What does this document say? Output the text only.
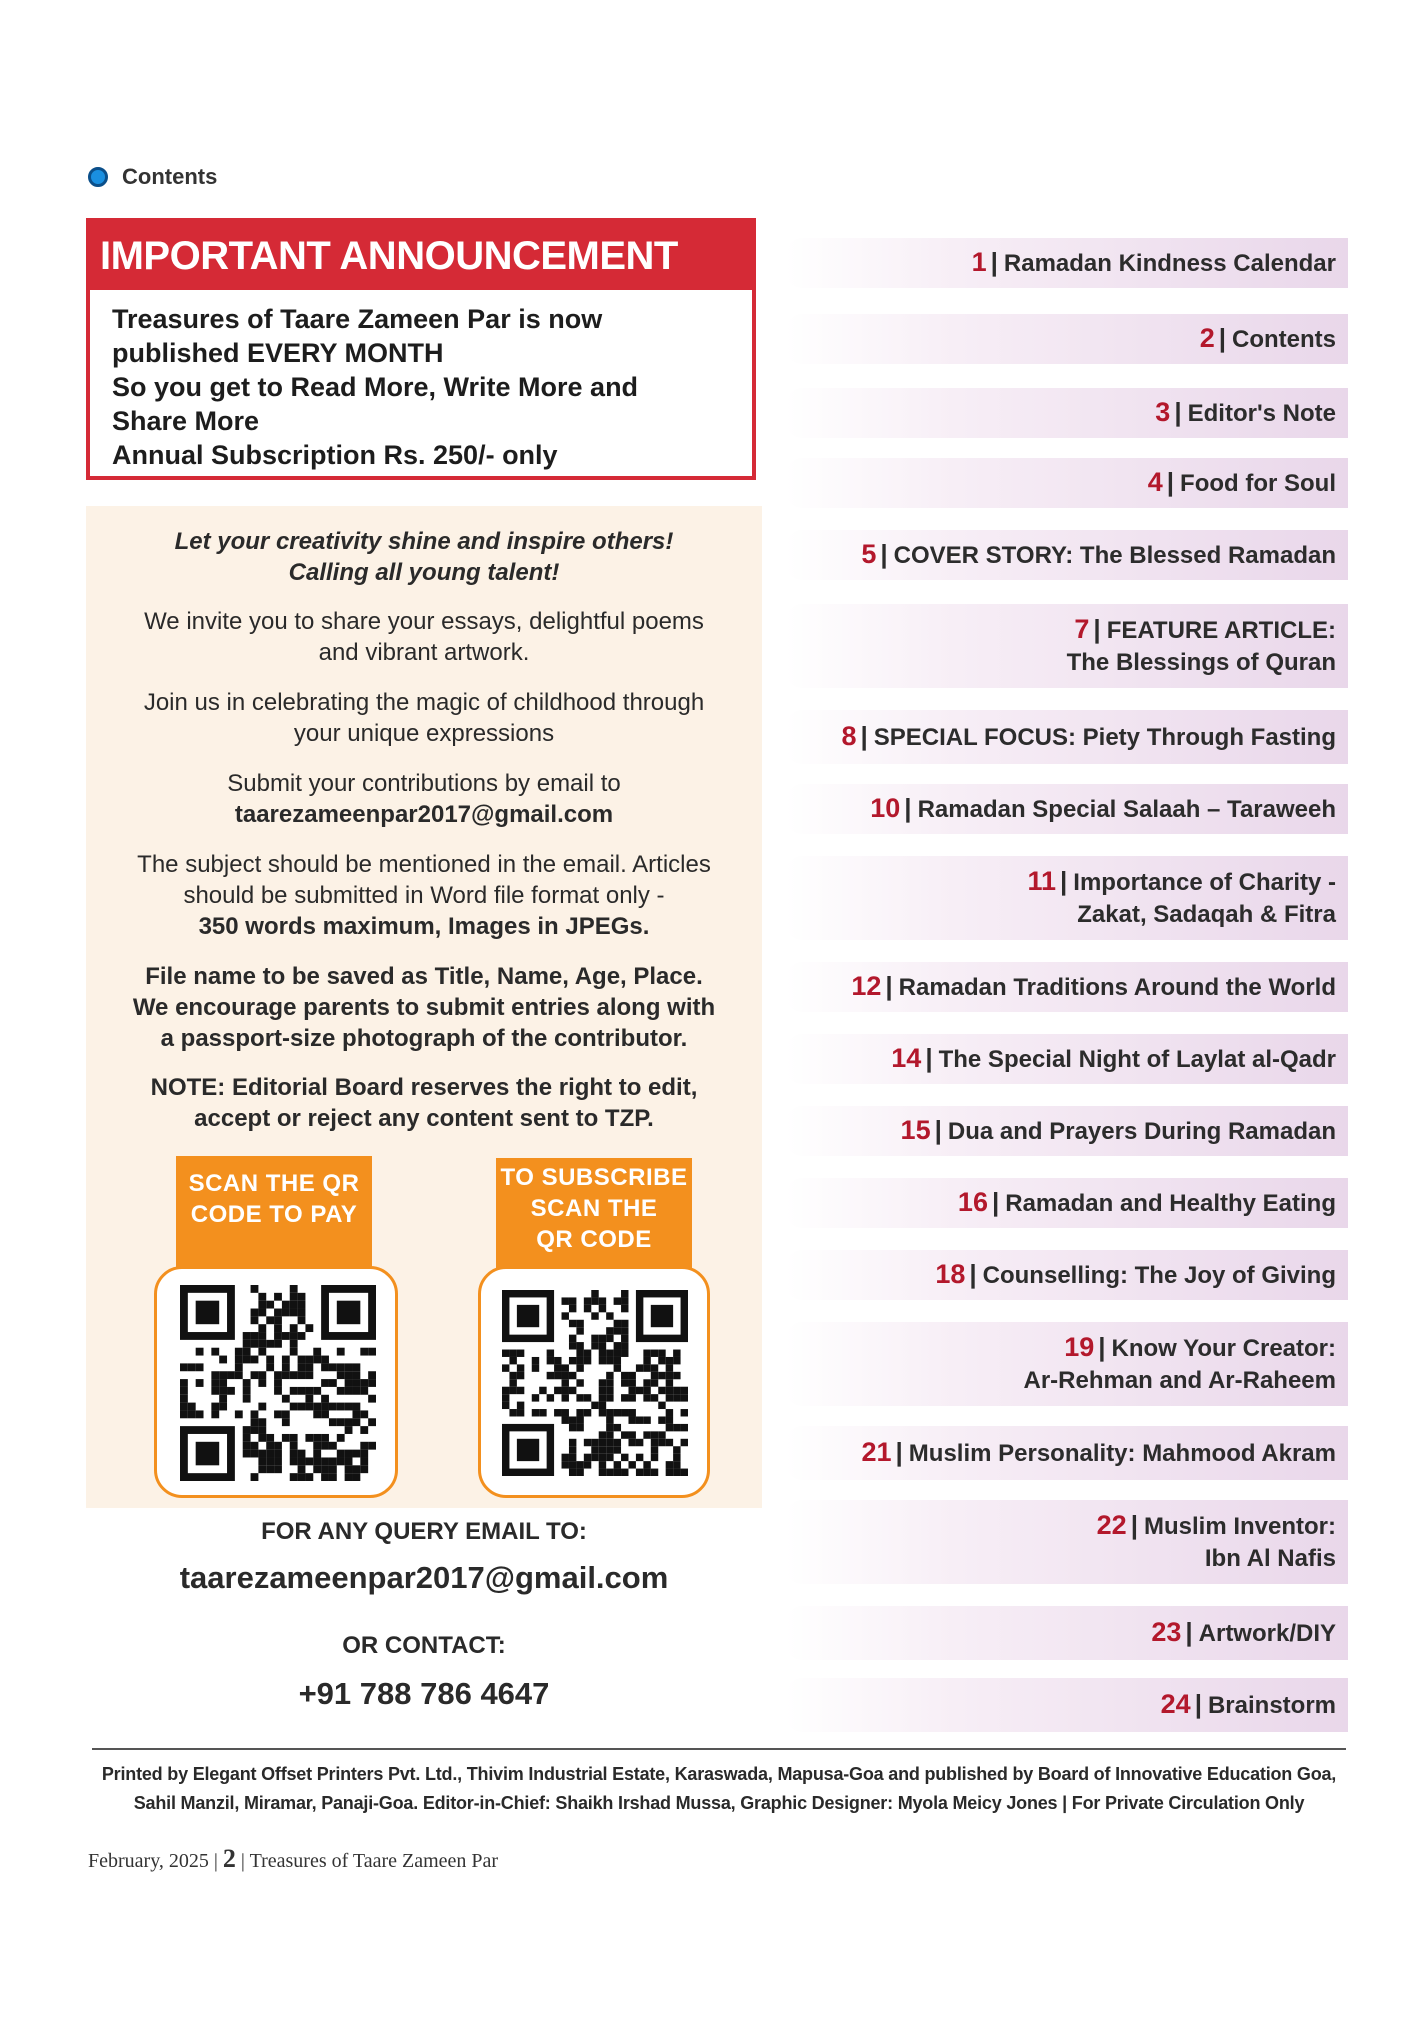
Contents
IMPORTANT ANNOUNCEMENT
Treasures of Taare Zameen Par is now
published EVERY MONTH
So you get to Read More, Write More and
Share More
Annual Subscription Rs. 250/- only

Let your creativity shine and inspire others!
Calling all young talent!

We invite you to share your essays, delightful poems
and vibrant artwork.

Join us in celebrating the magic of childhood through
your unique expressions

Submit your contributions by email to
taarezameenpar2017@gmail.com

The subject should be mentioned in the email. Articles
should be submitted in Word file format only -
350 words maximum, Images in JPEGs.

File name to be saved as Title, Name, Age, Place.
We encourage parents to submit entries along with
a passport-size photograph of the contributor.

NOTE: Editorial Board reserves the right to edit,
accept or reject any content sent to TZP.

SCAN THE QR
CODE TO PAY
TO SUBSCRIBE
SCAN THE
QR CODE
FOR ANY QUERY EMAIL TO:
taarezameenpar2017@gmail.com
OR CONTACT:
+91 788 786 4647
1 | Ramadan Kindness Calendar
2 | Contents
3 | Editor's Note
4 | Food for Soul
5 | COVER STORY: The Blessed Ramadan
7 | FEATURE ARTICLE:
The Blessings of Quran
8 | SPECIAL FOCUS: Piety Through Fasting
10 | Ramadan Special Salaah – Taraweeh
11 | Importance of Charity -
Zakat, Sadaqah & Fitra
12 | Ramadan Traditions Around the World
14 | The Special Night of Laylat al-Qadr
15 | Dua and Prayers During Ramadan
16 | Ramadan and Healthy Eating
18 | Counselling: The Joy of Giving
19 | Know Your Creator:
Ar-Rehman and Ar-Raheem
21 | Muslim Personality: Mahmood Akram
22 | Muslim Inventor:
Ibn Al Nafis
23 | Artwork/DIY
24 | Brainstorm
Printed by Elegant Offset Printers Pvt. Ltd., Thivim Industrial Estate, Karaswada, Mapusa-Goa and published by Board of Innovative Education Goa,
Sahil Manzil, Miramar, Panaji-Goa. Editor-in-Chief: Shaikh Irshad Mussa, Graphic Designer: Myola Meicy Jones | For Private Circulation Only
February, 2025 | 2 | Treasures of Taare Zameen Par
